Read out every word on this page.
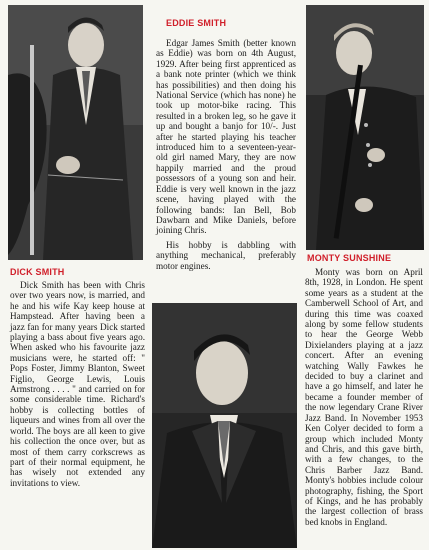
EDDIE SMITH

Edgar James Smith (better known as Eddie) was born on 4th August, 1929. After being first apprenticed as a bank note printer (which we think has possibilities) and then doing his National Service (which has none) he took up motor-bike racing. This resulted in a broken leg, so he gave it up and bought a banjo for 10/-. Just after he started playing his teacher introduced him to a seventeen-year-old girl named Mary, they are now happily married and the proud possessors of a young son and heir. Eddie is very well known in the jazz scene, having played with the following bands: Ian Bell, Bob Dawbarn and Mike Daniels, before joining Chris.

His hobby is dabbling with anything mechanical, preferably motor engines.

DICK SMITH

Dick Smith has been with Chris over two years now, is married, and he and his wife Kay keep house at Hampstead. After having been a jazz fan for many years Dick started playing a bass about five years ago. When asked who his favourite jazz musicians were, he started off: " Pops Foster, Jimmy Blanton, Sweet Figlio, George Lewis, Louis Armstrong . . . . " and carried on for some considerable time. Richard's hobby is collecting bottles of liqueurs and wines from all over the world. The boys are all keen to give his collection the once over, but as most of them carry corkscrews as part of their normal equipment, he has wisely not extended any invitations to view.

MONTY SUNSHINE

Monty was born on April 8th, 1928, in London. He spent some years as a student at the Camberwell School of Art, and during this time was coaxed along by some fellow students to hear the George Webb Dixielanders playing at a jazz concert. After an evening watching Wally Fawkes he decided to buy a clarinet and have a go himself, and later he became a founder member of the now legendary Crane River Jazz Band. In November 1953 Ken Colyer decided to form a group which included Monty and Chris, and this gave birth, with a few changes, to the Chris Barber Jazz Band. Monty's hobbies include colour photography, fishing, the Sport of Kings, and he has probably the largest collection of brass bed knobs in England.
